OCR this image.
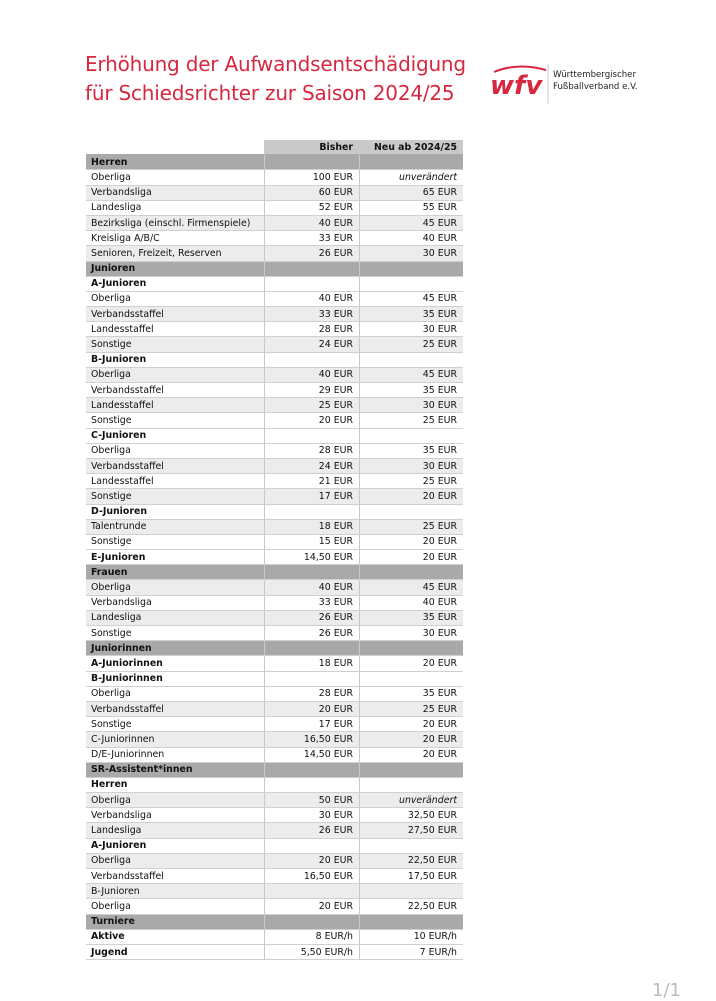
Erhöhung der Aufwandsentschädigung
für Schiedsrichter zur Saison 2024/25	wfv Württembergischer
Fußballverband e.V.
	Bisher	Neu ab 2024/25
Herren		
Oberliga	100 EUR	unverändert
Verbandsliga	60 EUR	65 EUR
Landesliga	52 EUR	55 EUR
Bezirksliga (einschl. Firmenspiele)	40 EUR	45 EUR
Kreisliga A/B/C	33 EUR	40 EUR
Senioren, Freizeit, Reserven	26 EUR	30 EUR
Junioren		
A-Junioren		
Oberliga	40 EUR	45 EUR
Verbandsstaffel	33 EUR	35 EUR
Landesstaffel	28 EUR	30 EUR
Sonstige	24 EUR	25 EUR
B-Junioren		
Oberliga	40 EUR	45 EUR
Verbandsstaffel	29 EUR	35 EUR
Landesstaffel	25 EUR	30 EUR
Sonstige	20 EUR	25 EUR
C-Junioren		
Oberliga	28 EUR	35 EUR
Verbandsstaffel	24 EUR	30 EUR
Landesstaffel	21 EUR	25 EUR
Sonstige	17 EUR	20 EUR
D-Junioren		
Talentrunde	18 EUR	25 EUR
Sonstige	15 EUR	20 EUR
E-Junioren	14,50 EUR	20 EUR
Frauen		
Oberliga	40 EUR	45 EUR
Verbandsliga	33 EUR	40 EUR
Landesliga	26 EUR	35 EUR
Sonstige	26 EUR	30 EUR
Juniorinnen		
A-Juniorinnen	18 EUR	20 EUR
B-Juniorinnen		
Oberliga	28 EUR	35 EUR
Verbandsstaffel	20 EUR	25 EUR
Sonstige	17 EUR	20 EUR
C-Juniorinnen	16,50 EUR	20 EUR
D/E-Juniorinnen	14,50 EUR	20 EUR
SR-Assistent*innen		
Herren		
Oberliga	50 EUR	unverändert
Verbandsliga	30 EUR	32,50 EUR
Landesliga	26 EUR	27,50 EUR
A-Junioren		
Oberliga	20 EUR	22,50 EUR
Verbandsstaffel	16,50 EUR	17,50 EUR
B-Junioren		
Oberliga	20 EUR	22,50 EUR
Turniere		
Aktive	8 EUR/h	10 EUR/h
Jugend	5,50 EUR/h	7 EUR/h
1/1
